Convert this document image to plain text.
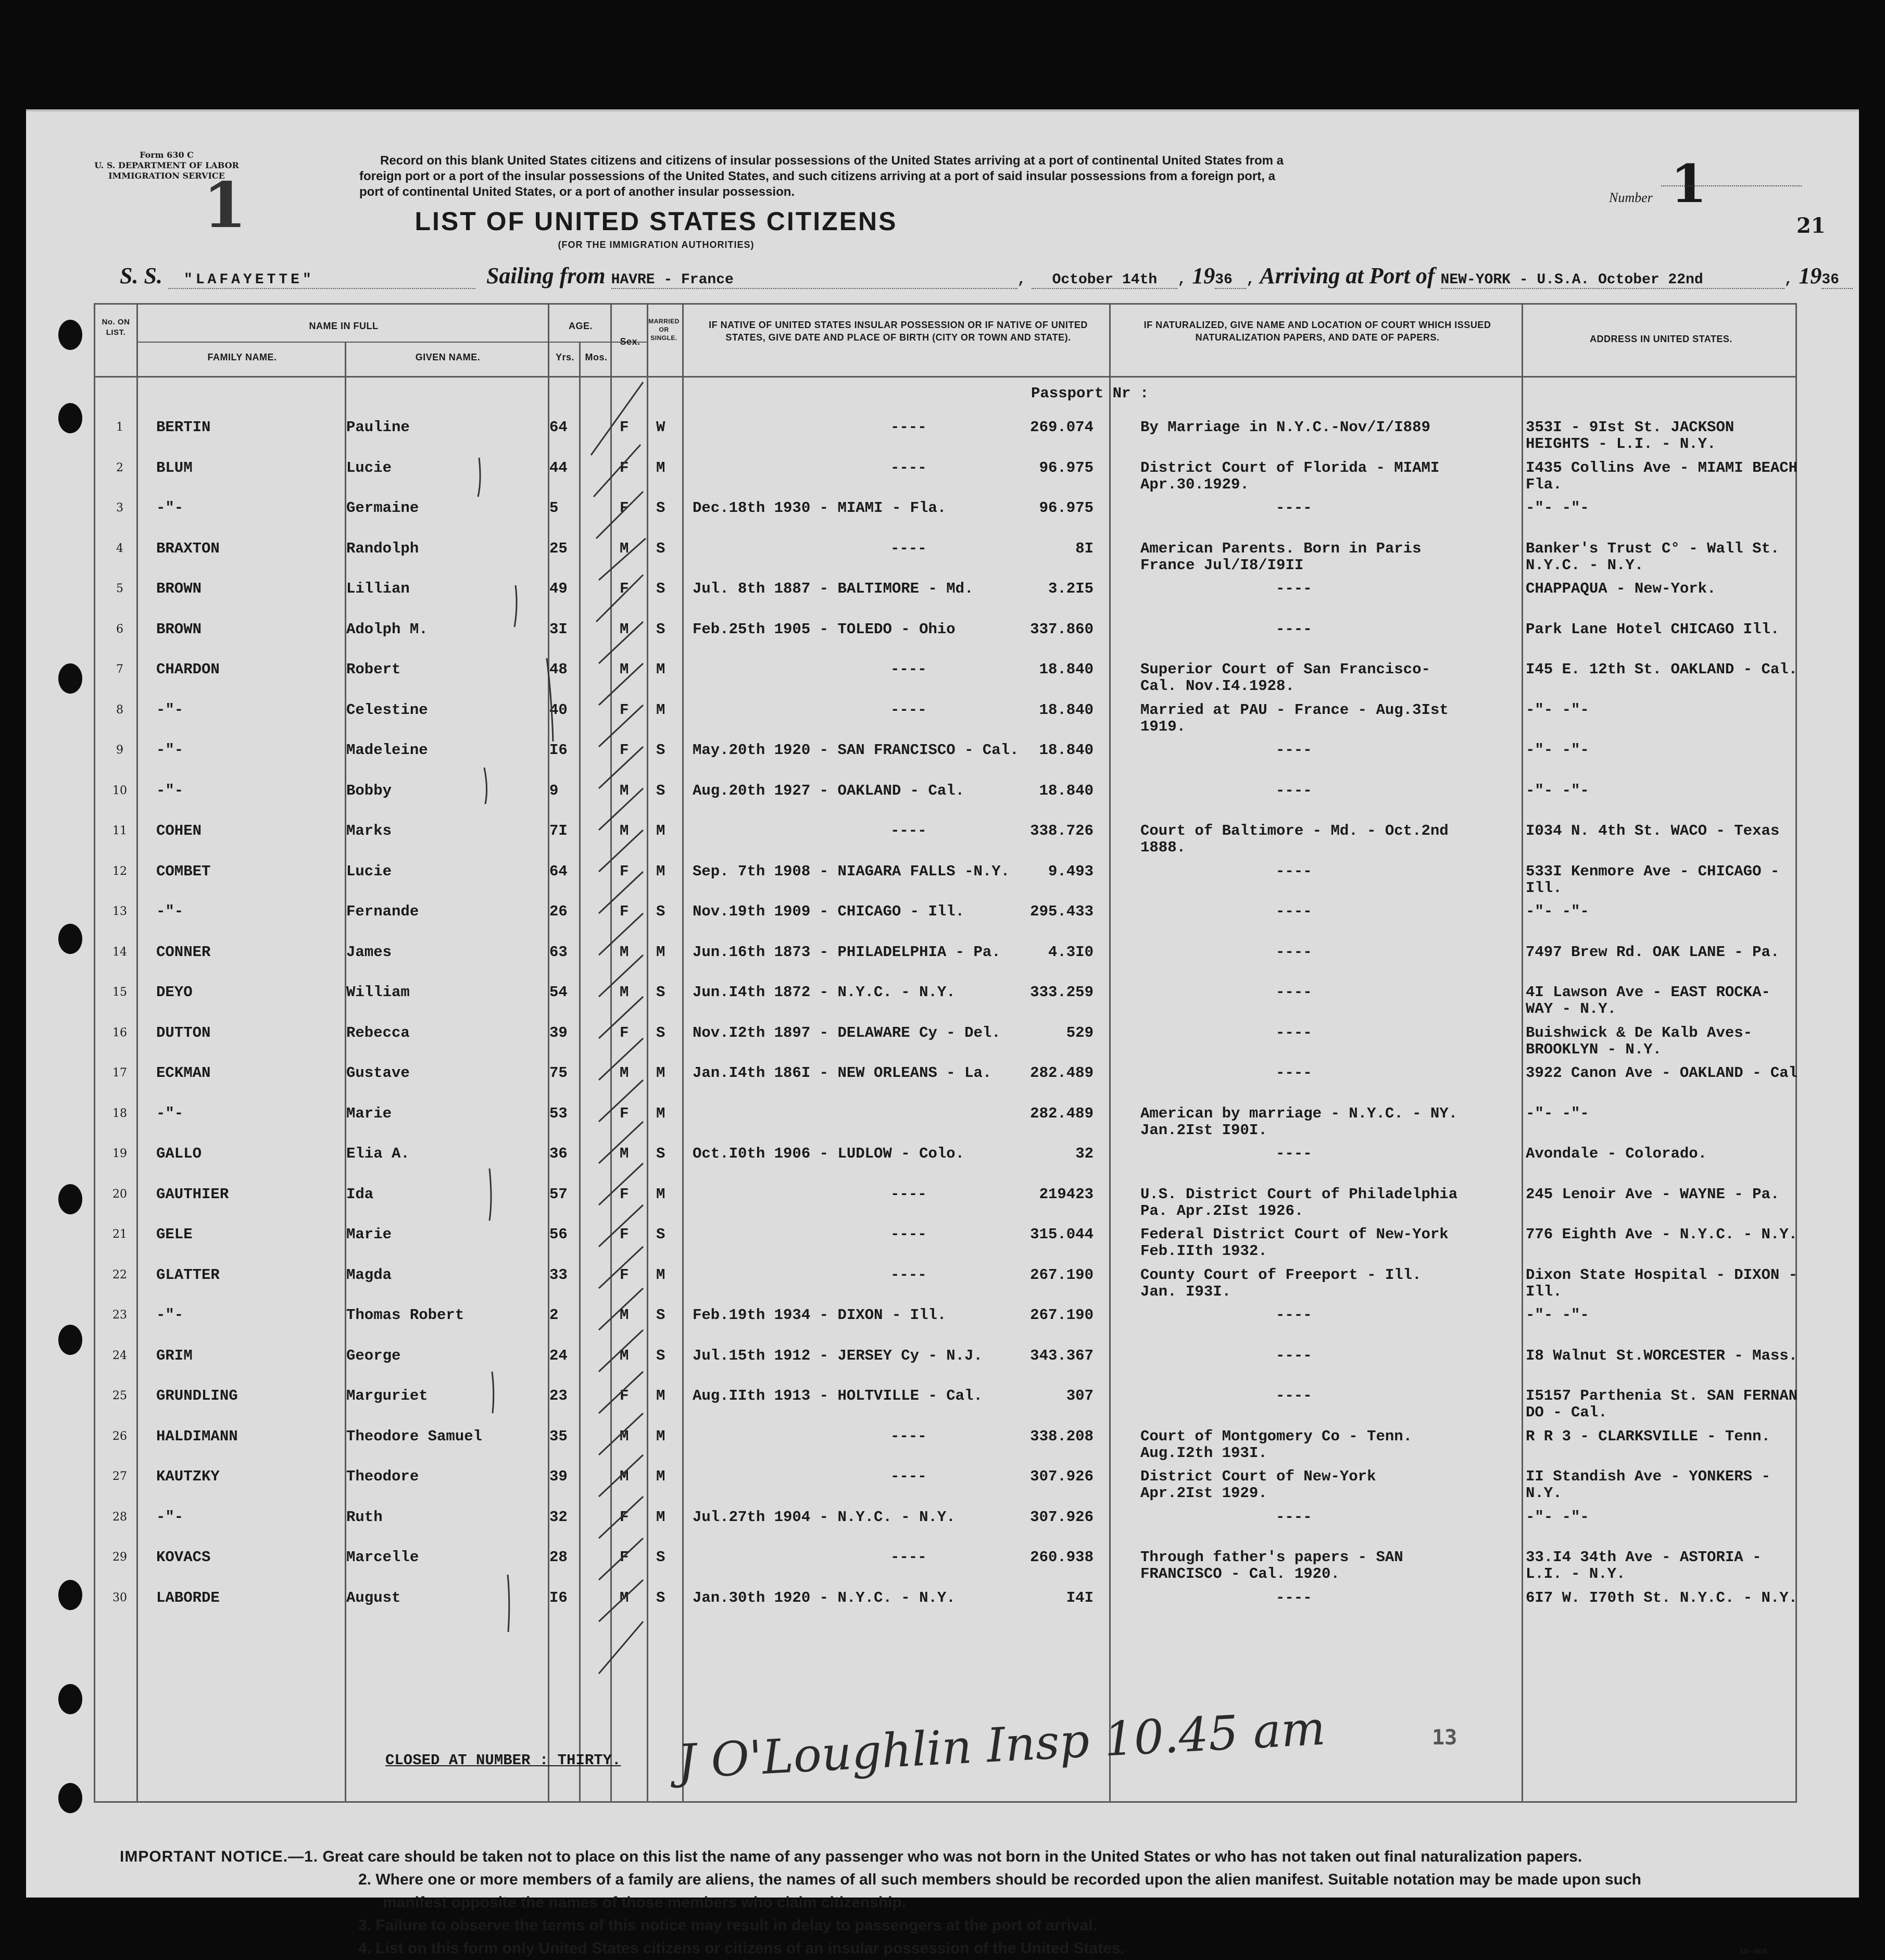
Form 630 C
U. S. DEPARTMENT OF LABOR
IMMIGRATION SERVICE
1
Record on this blank United States citizens and citizens of insular possessions of the United States arriving at a port of continental United States from a
foreign port or a port of the insular possessions of the United States, and such citizens arriving at a port of said insular possessions from a foreign port, a
port of continental United States, or a port of another insular possession.	Number 1
21
LIST OF UNITED STATES CITIZENS
(FOR THE IMMIGRATION AUTHORITIES)
S. S. "LAFAYETTE"	Sailing from HAVRE - France	, October 14th , 1936 , Arriving at Port of NEW-YORK - U.S.A. October 22nd	, 1936
No. ON LIST.
NAME IN FULL
FAMILY NAME.	GIVEN NAME.
AGE.
Yrs.	Mos.
Sex.
MARRIED OR SINGLE.
IF NATIVE OF UNITED STATES INSULAR POSSESSION OR IF NATIVE OF UNITED STATES, GIVE DATE AND PLACE OF BIRTH (CITY OR TOWN AND STATE).
IF NATURALIZED, GIVE NAME AND LOCATION OF COURT WHICH ISSUED NATURALIZATION PAPERS, AND DATE OF PAPERS.	ADDRESS IN UNITED STATES.
Passport Nr :
1	BERTIN	Pauline	64	F W	----	269.074	By Marriage in N.Y.C.-Nov/I/I889	353I - 9Ist St. JACKSON
HEIGHTS - L.I. - N.Y.
2	BLUM	Lucie	44	F M	----	96.975	District Court of Florida - MIAMI
Apr.30.1929.
I435 Collins Ave - MIAMI BEACH
Fla.
3	-"-	Germaine	5	F S Dec.18th 1930 - MIAMI - Fla.	96.975	----	-"- -"-
4	BRAXTON	Randolph	25	M S	----	8I	American Parents. Born in Paris
France Jul/I8/I9II
Banker's Trust C° - Wall St.
N.Y.C. - N.Y.
5	BROWN	Lillian	49	F S Jul. 8th 1887 - BALTIMORE - Md.	3.2I5	----	CHAPPAQUA - New-York.
6	BROWN	Adolph M.	3I	M S Feb.25th 1905 - TOLEDO - Ohio	337.860	----	Park Lane Hotel CHICAGO Ill.
7	CHARDON	Robert	48	M M	----	18.840	Superior Court of San Francisco-
Cal. Nov.I4.1928.
I45 E. 12th St. OAKLAND - Cal.
8	-"-	Celestine	40	F M	----	18.840	Married at PAU - France - Aug.3Ist
1919.
-"- -"-
9	-"-	Madeleine	I6	F S May.20th 1920 - SAN FRANCISCO - Cal.	18.840	----	-"- -"-
10	-"-	Bobby	9	M S Aug.20th 1927 - OAKLAND - Cal.	18.840	----	-"- -"-
11	COHEN	Marks	7I	M M	----	338.726	Court of Baltimore - Md. - Oct.2nd
1888.
I034 N. 4th St. WACO - Texas
12	COMBET	Lucie	64	F M Sep. 7th 1908 - NIAGARA FALLS -N.Y.	9.493	----	533I Kenmore Ave - CHICAGO -
Ill.
13	-"-	Fernande	26	F S Nov.19th 1909 - CHICAGO - Ill.	295.433	----	-"- -"-
14	CONNER	James	63	M M Jun.16th 1873 - PHILADELPHIA - Pa.	4.3I0	----	7497 Brew Rd. OAK LANE - Pa.
15	DEYO	William	54	M S Jun.I4th 1872 - N.Y.C. - N.Y.	333.259	----	4I Lawson Ave - EAST ROCKA-
WAY - N.Y.
16	DUTTON	Rebecca	39	F S Nov.I2th 1897 - DELAWARE Cy - Del.	529	----	Buishwick & De Kalb Aves-
BROOKLYN - N.Y.
17	ECKMAN	Gustave	75	M M Jan.I4th 186I - NEW ORLEANS - La.	282.489	----	3922 Canon Ave - OAKLAND - Cal
18	-"-	Marie	53	F M	282.489	American by marriage - N.Y.C. - NY.
Jan.2Ist I90I.
-"- -"-
19	GALLO	Elia A.	36	M S Oct.I0th 1906 - LUDLOW - Colo.	32	----	Avondale - Colorado.
20	GAUTHIER	Ida	57	F M	----	219423	U.S. District Court of Philadelphia
Pa. Apr.2Ist 1926.
245 Lenoir Ave - WAYNE - Pa.
21	GELE	Marie	56	F S	----	315.044	Federal District Court of New-York
Feb.IIth 1932.
776 Eighth Ave - N.Y.C. - N.Y.
22	GLATTER	Magda	33	F M	----	267.190	County Court of Freeport - Ill.
Jan. I93I.
Dixon State Hospital - DIXON -
Ill.
23	-"-	Thomas Robert	2	M S Feb.19th 1934 - DIXON - Ill.	267.190	----	-"- -"-
24	GRIM	George	24	M S Jul.15th 1912 - JERSEY Cy - N.J.	343.367	----	I8 Walnut St.WORCESTER - Mass.
25	GRUNDLING	Marguriet	23	F M Aug.IIth 1913 - HOLTVILLE - Cal.	307	----	I5157 Parthenia St. SAN FERNAN
DO - Cal.
26	HALDIMANN	Theodore Samuel	35	M M	----	338.208	Court of Montgomery Co - Tenn.
Aug.I2th 193I.
R R 3 - CLARKSVILLE - Tenn.
27	KAUTZKY	Theodore	39	M M	----	307.926	District Court of New-York
Apr.2Ist 1929.
II Standish Ave - YONKERS -
N.Y.
28	-"-	Ruth	32	F M Jul.27th 1904 - N.Y.C. - N.Y.	307.926	----	-"- -"-
29	KOVACS	Marcelle	28	F S	----	260.938	Through father's papers - SAN
FRANCISCO - Cal. 1920.
33.I4 34th Ave - ASTORIA -
L.I. - N.Y.
30	LABORDE	August	I6	M S Jan.30th 1920 - N.Y.C. - N.Y.	I4I	----	6I7 W. I70th St. N.Y.C. - N.Y.
CLOSED AT NUMBER : THIRTY. J O'Loughlin Insp 10.45 am	13
IMPORTANT NOTICE.—1. Great care should be taken not to place on this list the name of any passenger who was not born in the United States or who has not taken out final naturalization papers.
2. Where one or more members of a family are aliens, the names of all such members should be recorded upon the alien manifest. Suitable notation may be made upon such
manifest opposite the names of those members who claim citizenship.
3. Failure to observe the terms of this notice may result in delay to passengers at the port of arrival.
4. List on this form only United States citizens or citizens of an insular possession of the United States.	14—808
